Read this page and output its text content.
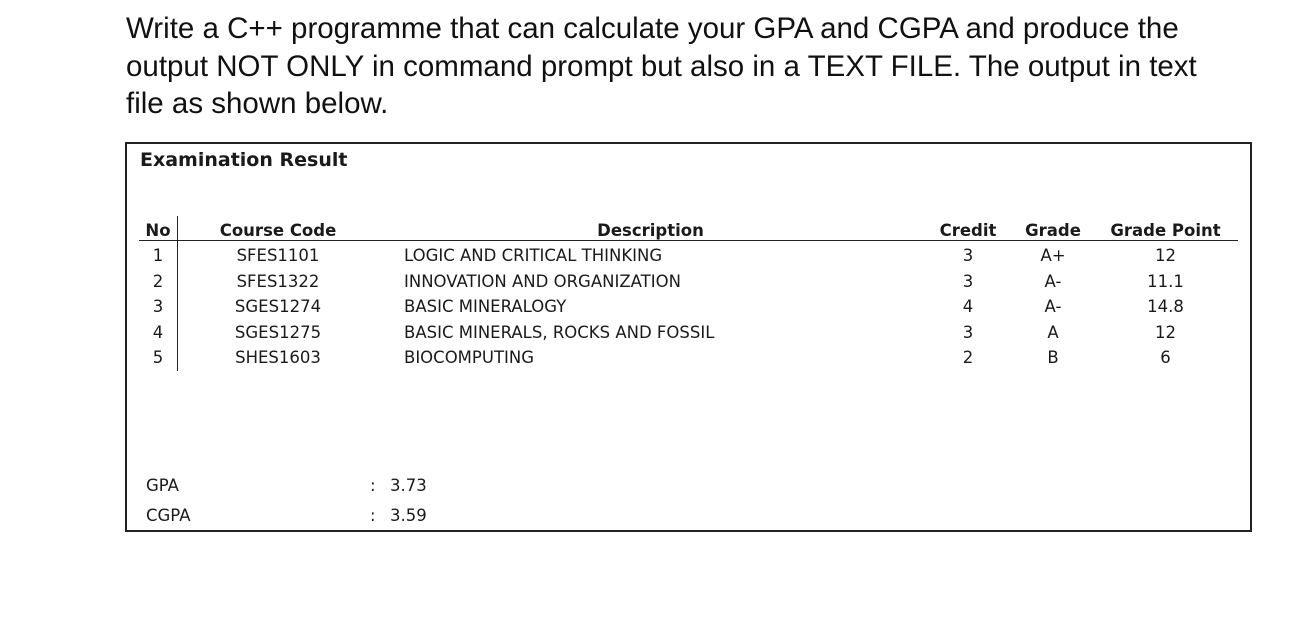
Write a C++ programme that can calculate your GPA and CGPA and produce the
output NOT ONLY in command prompt but also in a TEXT FILE. The output in text
file as shown below.
Examination Result
No	Course Code	Description	Credit	Grade	Grade Point
1	SFES1101	LOGIC AND CRITICAL THINKING	3	A+	12
2	SFES1322	INNOVATION AND ORGANIZATION	3	A-	11.1
3	SGES1274	BASIC MINERALOGY	4	A-	14.8
4	SGES1275	BASIC MINERALS, ROCKS AND FOSSIL	3	A	12
5	SHES1603	BIOCOMPUTING	2	B	6
GPA	: 3.73
CGPA	: 3.59
